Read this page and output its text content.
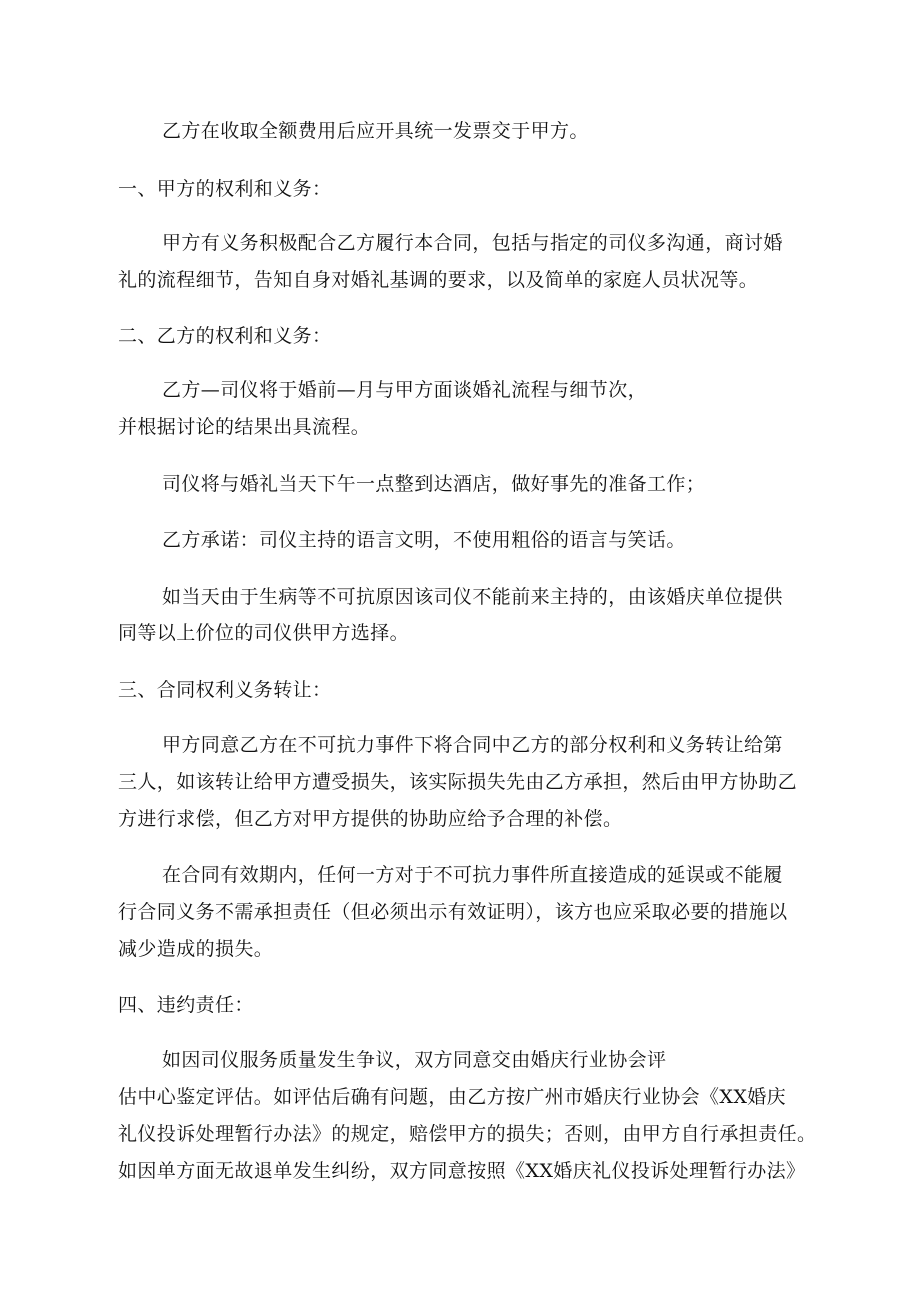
乙方在收取全额费用后应开具统一发票交于甲方。
一、甲方的权利和义务：
甲方有义务积极配合乙方履行本合同，包括与指定的司仪多沟通，商讨婚
礼的流程细节，告知自身对婚礼基调的要求，以及简单的家庭人员状况等。
二、乙方的权利和义务：
乙方—司仪将于婚前—月与甲方面谈婚礼流程与细节次，
并根据讨论的结果出具流程。
司仪将与婚礼当天下午一点整到达酒店，做好事先的准备工作；
乙方承诺：司仪主持的语言文明，不使用粗俗的语言与笑话。
如当天由于生病等不可抗原因该司仪不能前来主持的，由该婚庆单位提供
同等以上价位的司仪供甲方选择。
三、合同权利义务转让：
甲方同意乙方在不可抗力事件下将合同中乙方的部分权利和义务转让给第
三人，如该转让给甲方遭受损失，该实际损失先由乙方承担，然后由甲方协助乙
方进行求偿，但乙方对甲方提供的协助应给予合理的补偿。
在合同有效期内，任何一方对于不可抗力事件所直接造成的延误或不能履
行合同义务不需承担责任（但必须出示有效证明），该方也应采取必要的措施以
减少造成的损失。
四、违约责任：
如因司仪服务质量发生争议，双方同意交由婚庆行业协会评
估中心鉴定评估。如评估后确有问题，由乙方按广州市婚庆行业协会《XX婚庆
礼仪投诉处理暂行办法》的规定，赔偿甲方的损失；否则，由甲方自行承担责任。
如因单方面无故退单发生纠纷，双方同意按照《XX婚庆礼仪投诉处理暂行办法》
